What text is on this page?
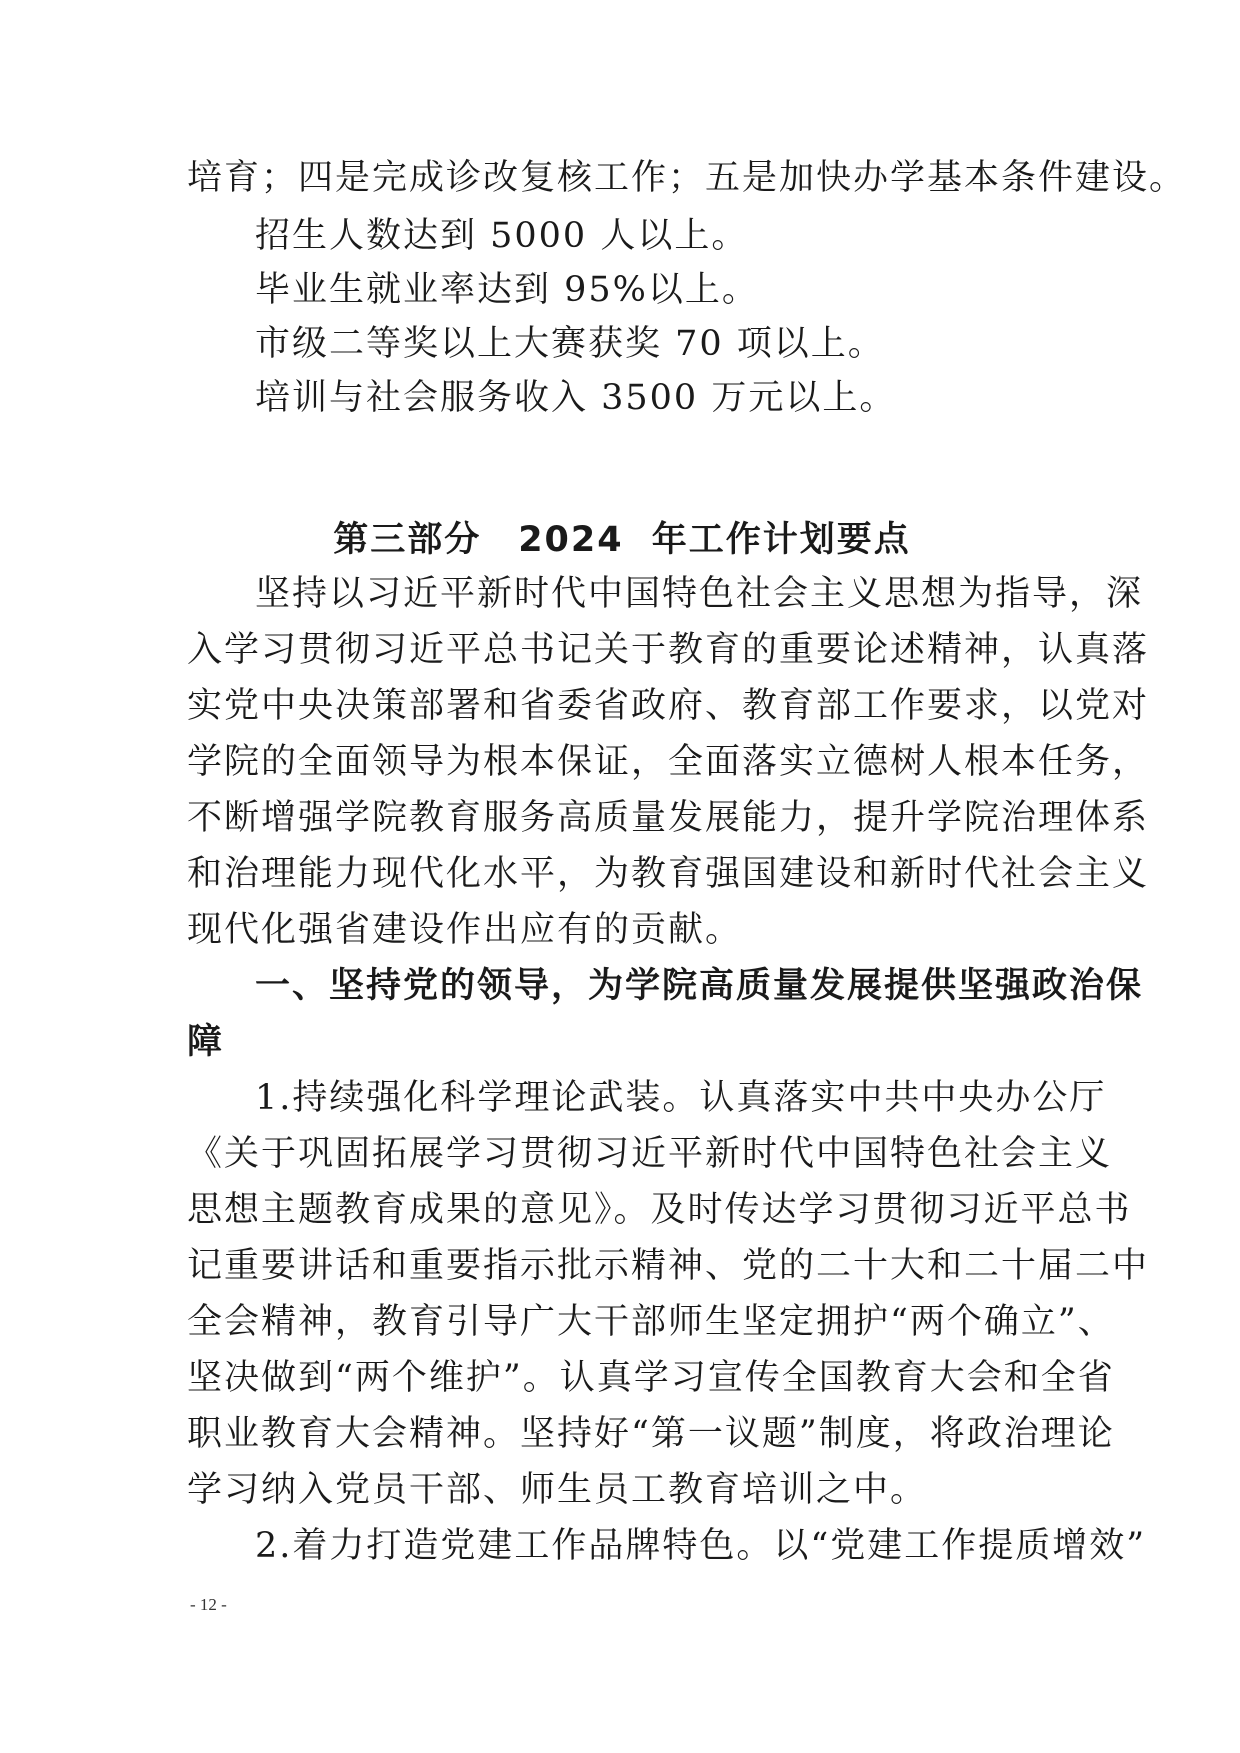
培育；四是完成诊改复核工作；五是加快办学基本条件建设。
招生人数达到 5000 人以上。
毕业生就业率达到 95%以上。
市级二等奖以上大赛获奖 70 项以上。
培训与社会服务收入 3500 万元以上。
第三部分　2024 年工作计划要点
坚持以习近平新时代中国特色社会主义思想为指导，深
入学习贯彻习近平总书记关于教育的重要论述精神，认真落
实党中央决策部署和省委省政府、教育部工作要求，以党对
学院的全面领导为根本保证，全面落实立德树人根本任务，
不断增强学院教育服务高质量发展能力，提升学院治理体系
和治理能力现代化水平，为教育强国建设和新时代社会主义
现代化强省建设作出应有的贡献。
一、坚持党的领导，为学院高质量发展提供坚强政治保
障
1.持续强化科学理论武装。认真落实中共中央办公厅
《关于巩固拓展学习贯彻习近平新时代中国特色社会主义
思想主题教育成果的意见》。及时传达学习贯彻习近平总书
记重要讲话和重要指示批示精神、党的二十大和二十届二中
全会精神，教育引导广大干部师生坚定拥护“两个确立”、
坚决做到“两个维护”。认真学习宣传全国教育大会和全省
职业教育大会精神。坚持好“第一议题”制度，将政治理论
学习纳入党员干部、师生员工教育培训之中。
2.着力打造党建工作品牌特色。以“党建工作提质增效”
- 12 -
